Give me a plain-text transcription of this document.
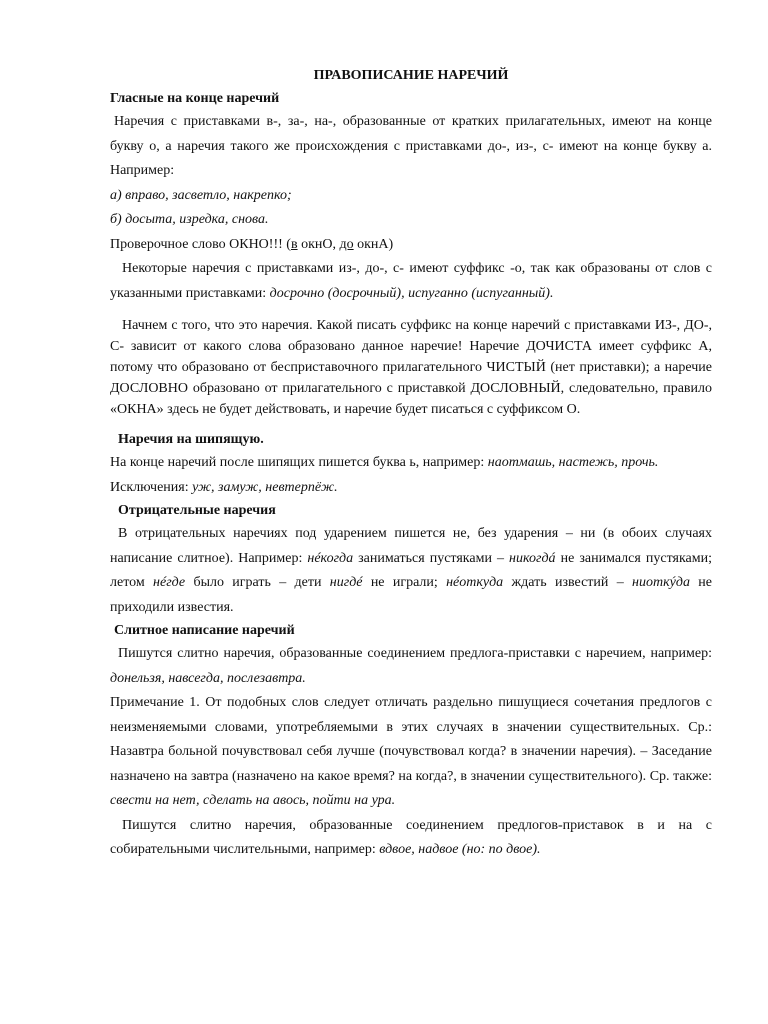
ПРАВОПИСАНИЕ НАРЕЧИЙ
Гласные на конце наречий

Наречия с приставками в-, за-, на-, образованные от кратких прилагательных, имеют на конце букву о, а наречия такого же происхождения с приставками до-, из-, с- имеют на конце букву а. Например:

а) вправо, засветло, накрепко;
б) досыта, изредка, снова.

Проверочное слово ОКНО!!! (в окнО, до окнА)

Некоторые наречия с приставками из-, до-, с- имеют суффикс -о, так как образованы от слов с указанными приставками: досрочно (досрочный), испуганно (испуганный).

Начнем с того, что это наречия. Какой писать суффикс на конце наречий с приставками ИЗ-, ДО-, С- зависит от какого слова образовано данное наречие! Наречие ДОЧИСТА имеет суффикс А, потому что образовано от бесприставочного прилагательного ЧИСТЫЙ (нет приставки); а наречие ДОСЛОВНО образовано от прилагательного с приставкой ДОСЛОВНЫЙ, следовательно, правило «ОКНА» здесь не будет действовать, и наречие будет писаться с суффиксом О.

Наречия на шипящую.

На конце наречий после шипящих пишется буква ь, например: наотмашь, настежь, прочь.

Исключения: уж, замуж, невтерпёж.

Отрицательные наречия

В отрицательных наречиях под ударением пишется не, без ударения – ни (в обоих случаях написание слитное). Например: нéкогда заниматься пустяками – никогдá не занимался пустяками; летом нéгде было играть – дети нигдé не играли; нéоткуда ждать известий – ниоткýда не приходили известия.

Слитное написание наречий

Пишутся слитно наречия, образованные соединением предлога-приставки с наречием, например: донельзя, навсегда, послезавтра.

Примечание 1. От подобных слов следует отличать раздельно пишущиеся сочетания предлогов с неизменяемыми словами, употребляемыми в этих случаях в значении существительных. Ср.: Назавтра больной почувствовал себя лучше (почувствовал когда? в значении наречия). – Заседание назначено на завтра (назначено на какое время? на когда?, в значении существительного). Ср. также: свести на нет, сделать на авось, пойти на ура.

Пишутся слитно наречия, образованные соединением предлогов-приставок в и на с собирательными числительными, например: вдвое, надвое (но: по двое).
